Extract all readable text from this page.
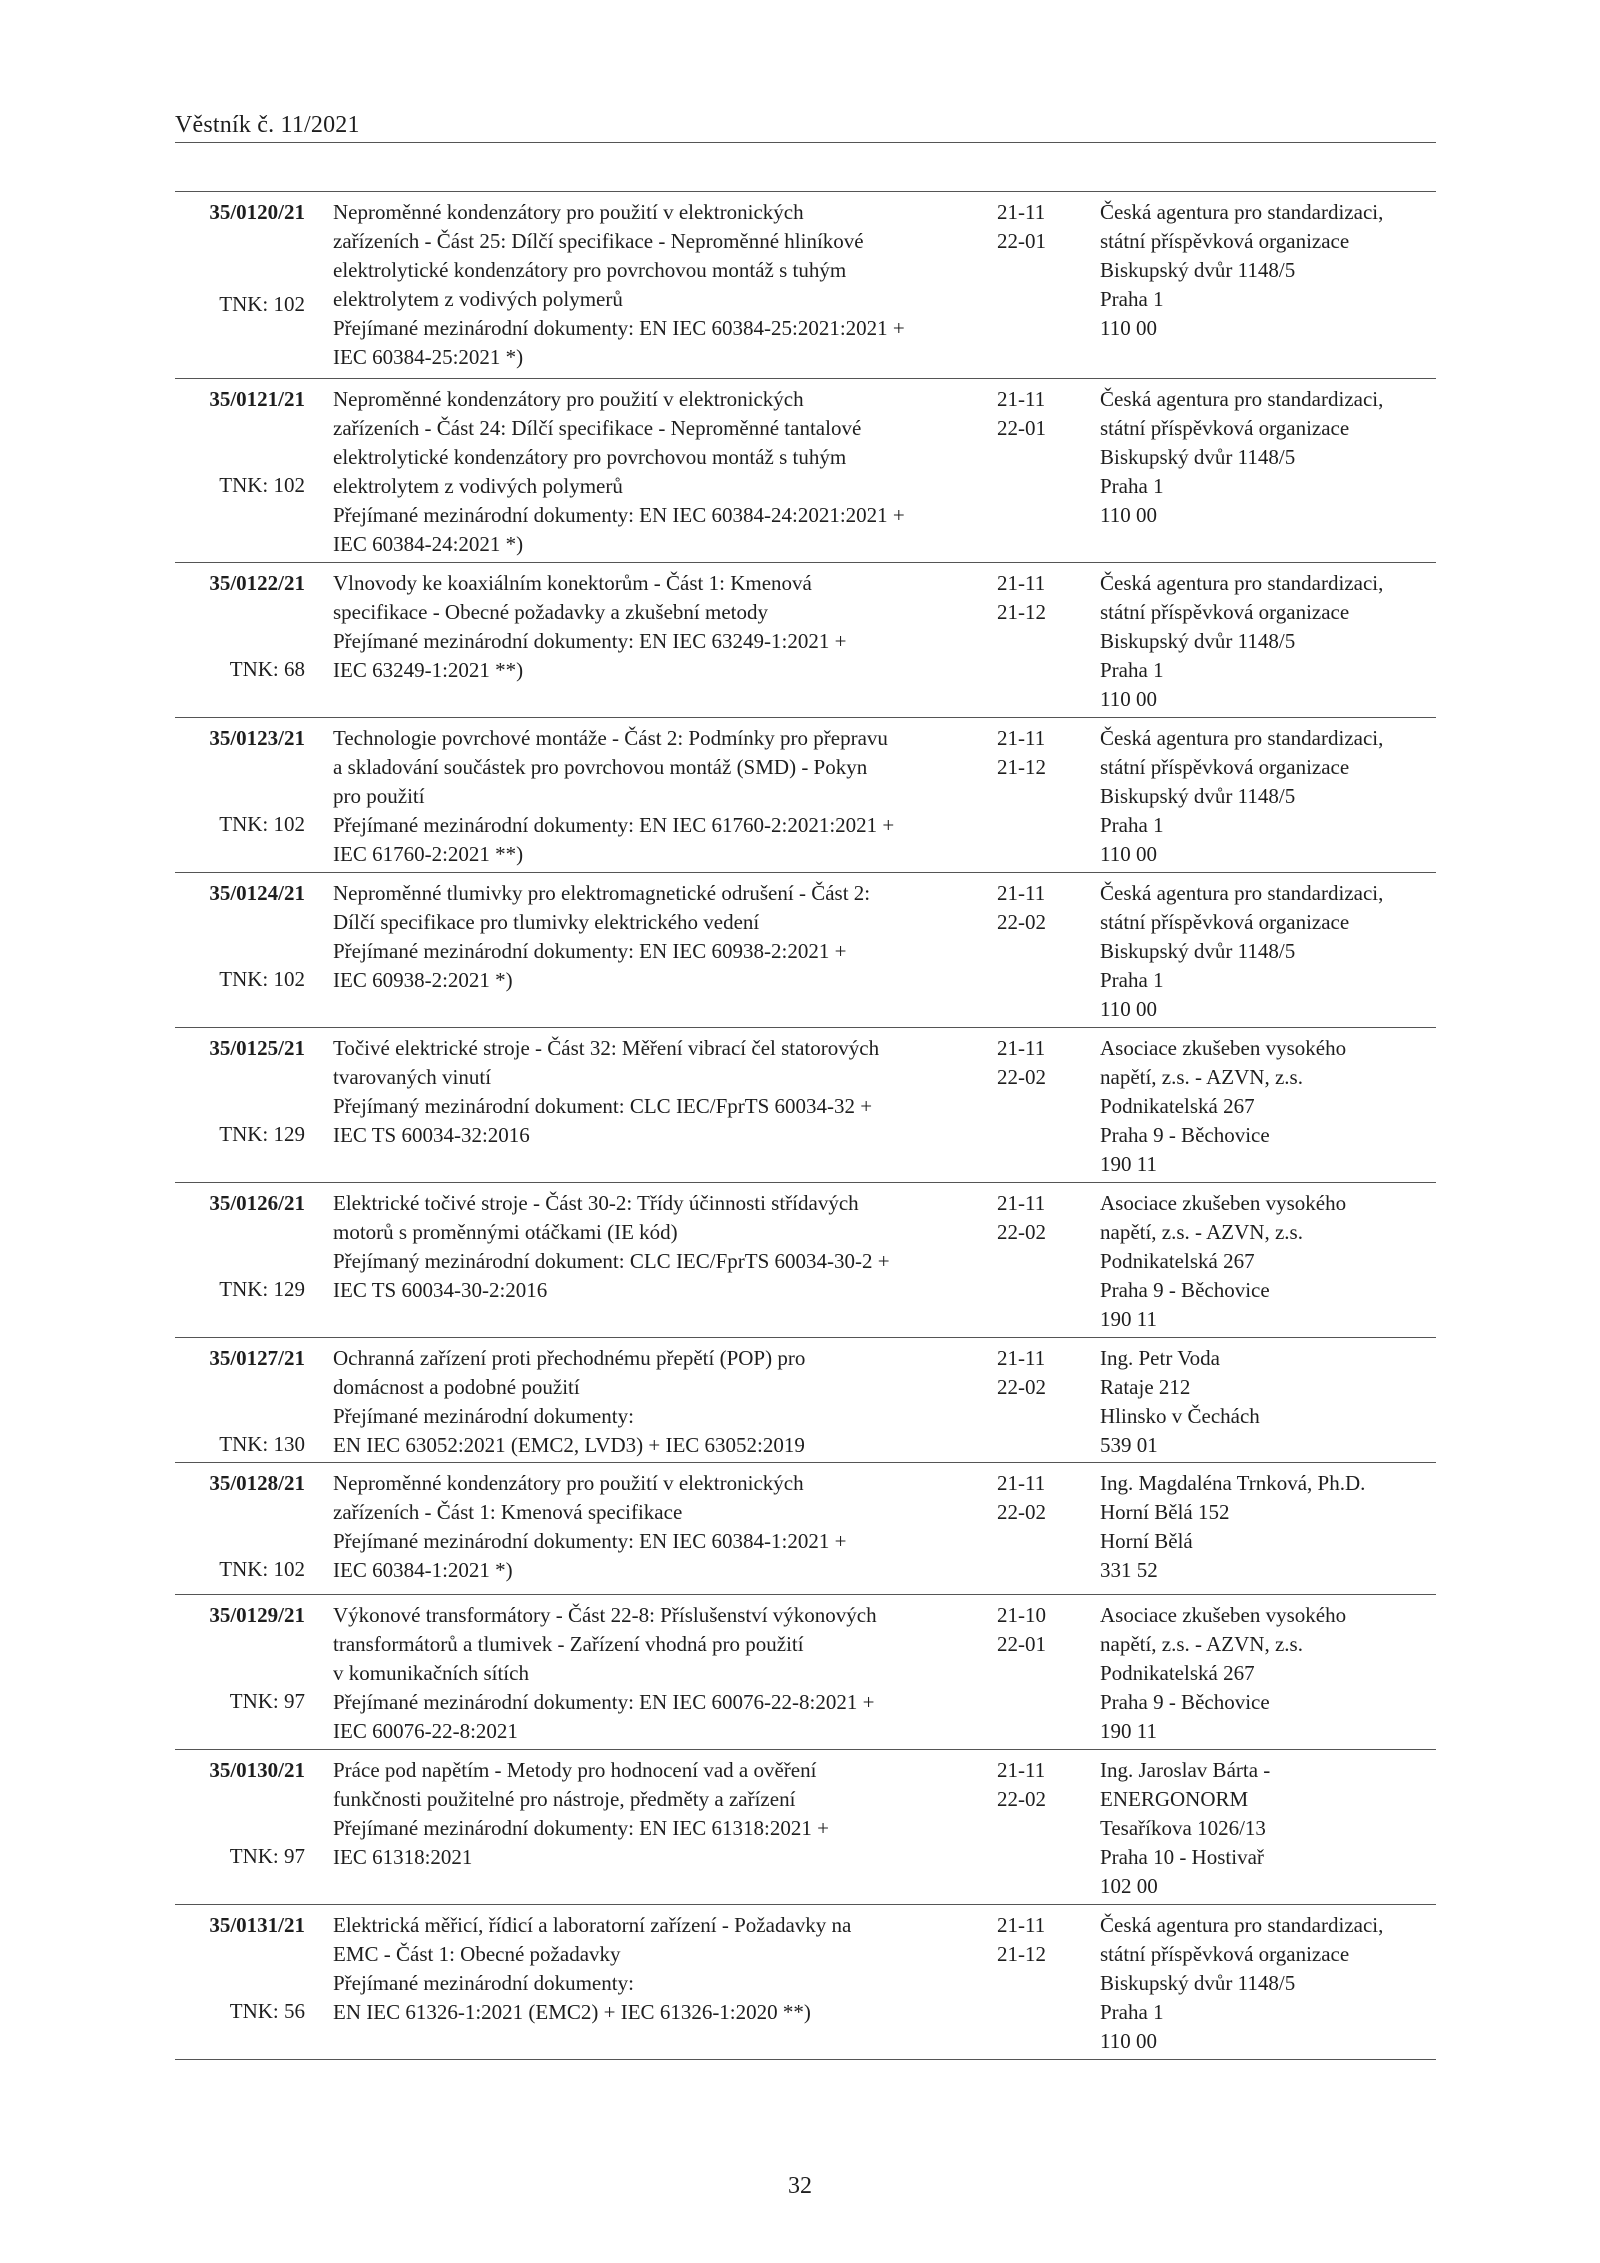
Věstník č. 11/2021
35/0120/21
TNK: 102
Neproměnné kondenzátory pro použití v elektronických
zařízeních - Část 25: Dílčí specifikace - Neproměnné hliníkové
elektrolytické kondenzátory pro povrchovou montáž s tuhým
elektrolytem z vodivých polymerů
Přejímané mezinárodní dokumenty: EN IEC 60384-25:2021:2021 +
IEC 60384-25:2021 *)
21-11
22-01
Česká agentura pro standardizaci,
státní příspěvková organizace
Biskupský dvůr 1148/5
Praha 1
110 00
35/0121/21
TNK: 102
Neproměnné kondenzátory pro použití v elektronických
zařízeních - Část 24: Dílčí specifikace - Neproměnné tantalové
elektrolytické kondenzátory pro povrchovou montáž s tuhým
elektrolytem z vodivých polymerů
Přejímané mezinárodní dokumenty: EN IEC 60384-24:2021:2021 +
IEC 60384-24:2021 *)
21-11
22-01
Česká agentura pro standardizaci,
státní příspěvková organizace
Biskupský dvůr 1148/5
Praha 1
110 00
35/0122/21
TNK: 68
Vlnovody ke koaxiálním konektorům - Část 1: Kmenová
specifikace - Obecné požadavky a zkušební metody
Přejímané mezinárodní dokumenty: EN IEC 63249-1:2021 +
IEC 63249-1:2021 **)
21-11
21-12
Česká agentura pro standardizaci,
státní příspěvková organizace
Biskupský dvůr 1148/5
Praha 1
110 00
35/0123/21
TNK: 102
Technologie povrchové montáže - Část 2: Podmínky pro přepravu
a skladování součástek pro povrchovou montáž (SMD) - Pokyn
pro použití
Přejímané mezinárodní dokumenty: EN IEC 61760-2:2021:2021 +
IEC 61760-2:2021 **)
21-11
21-12
Česká agentura pro standardizaci,
státní příspěvková organizace
Biskupský dvůr 1148/5
Praha 1
110 00
35/0124/21
TNK: 102
Neproměnné tlumivky pro elektromagnetické odrušení - Část 2:
Dílčí specifikace pro tlumivky elektrického vedení
Přejímané mezinárodní dokumenty: EN IEC 60938-2:2021 +
IEC 60938-2:2021 *)
21-11
22-02
Česká agentura pro standardizaci,
státní příspěvková organizace
Biskupský dvůr 1148/5
Praha 1
110 00
35/0125/21
TNK: 129
Točivé elektrické stroje - Část 32: Měření vibrací čel statorových
tvarovaných vinutí
Přejímaný mezinárodní dokument: CLC IEC/FprTS 60034-32 +
IEC TS 60034-32:2016
21-11
22-02
Asociace zkušeben vysokého
napětí, z.s. - AZVN, z.s.
Podnikatelská 267
Praha 9 - Běchovice
190 11
35/0126/21
TNK: 129
Elektrické točivé stroje - Část 30-2: Třídy účinnosti střídavých
motorů s proměnnými otáčkami (IE kód)
Přejímaný mezinárodní dokument: CLC IEC/FprTS 60034-30-2 +
IEC TS 60034-30-2:2016
21-11
22-02
Asociace zkušeben vysokého
napětí, z.s. - AZVN, z.s.
Podnikatelská 267
Praha 9 - Běchovice
190 11
35/0127/21
TNK: 130
Ochranná zařízení proti přechodnému přepětí (POP) pro
domácnost a podobné použití
Přejímané mezinárodní dokumenty:
EN IEC 63052:2021 (EMC2, LVD3) + IEC 63052:2019
21-11
22-02
Ing. Petr Voda
Rataje 212
Hlinsko v Čechách
539 01
35/0128/21
TNK: 102
Neproměnné kondenzátory pro použití v elektronických
zařízeních - Část 1: Kmenová specifikace
Přejímané mezinárodní dokumenty: EN IEC 60384-1:2021 +
IEC 60384-1:2021 *)
21-11
22-02
Ing. Magdaléna Trnková, Ph.D.
Horní Bělá 152
Horní Bělá
331 52
35/0129/21
TNK: 97
Výkonové transformátory - Část 22-8: Příslušenství výkonových
transformátorů a tlumivek - Zařízení vhodná pro použití
v komunikačních sítích
Přejímané mezinárodní dokumenty: EN IEC 60076-22-8:2021 +
IEC 60076-22-8:2021
21-10
22-01
Asociace zkušeben vysokého
napětí, z.s. - AZVN, z.s.
Podnikatelská 267
Praha 9 - Běchovice
190 11
35/0130/21
TNK: 97
Práce pod napětím - Metody pro hodnocení vad a ověření
funkčnosti použitelné pro nástroje, předměty a zařízení
Přejímané mezinárodní dokumenty: EN IEC 61318:2021 +
IEC 61318:2021
21-11
22-02
Ing. Jaroslav Bárta -
ENERGONORM
Tesaříkova 1026/13
Praha 10 - Hostivař
102 00
35/0131/21
TNK: 56
Elektrická měřicí, řídicí a laboratorní zařízení - Požadavky na
EMC - Část 1: Obecné požadavky
Přejímané mezinárodní dokumenty:
EN IEC 61326-1:2021 (EMC2) + IEC 61326-1:2020 **)
21-11
21-12
Česká agentura pro standardizaci,
státní příspěvková organizace
Biskupský dvůr 1148/5
Praha 1
110 00
32
